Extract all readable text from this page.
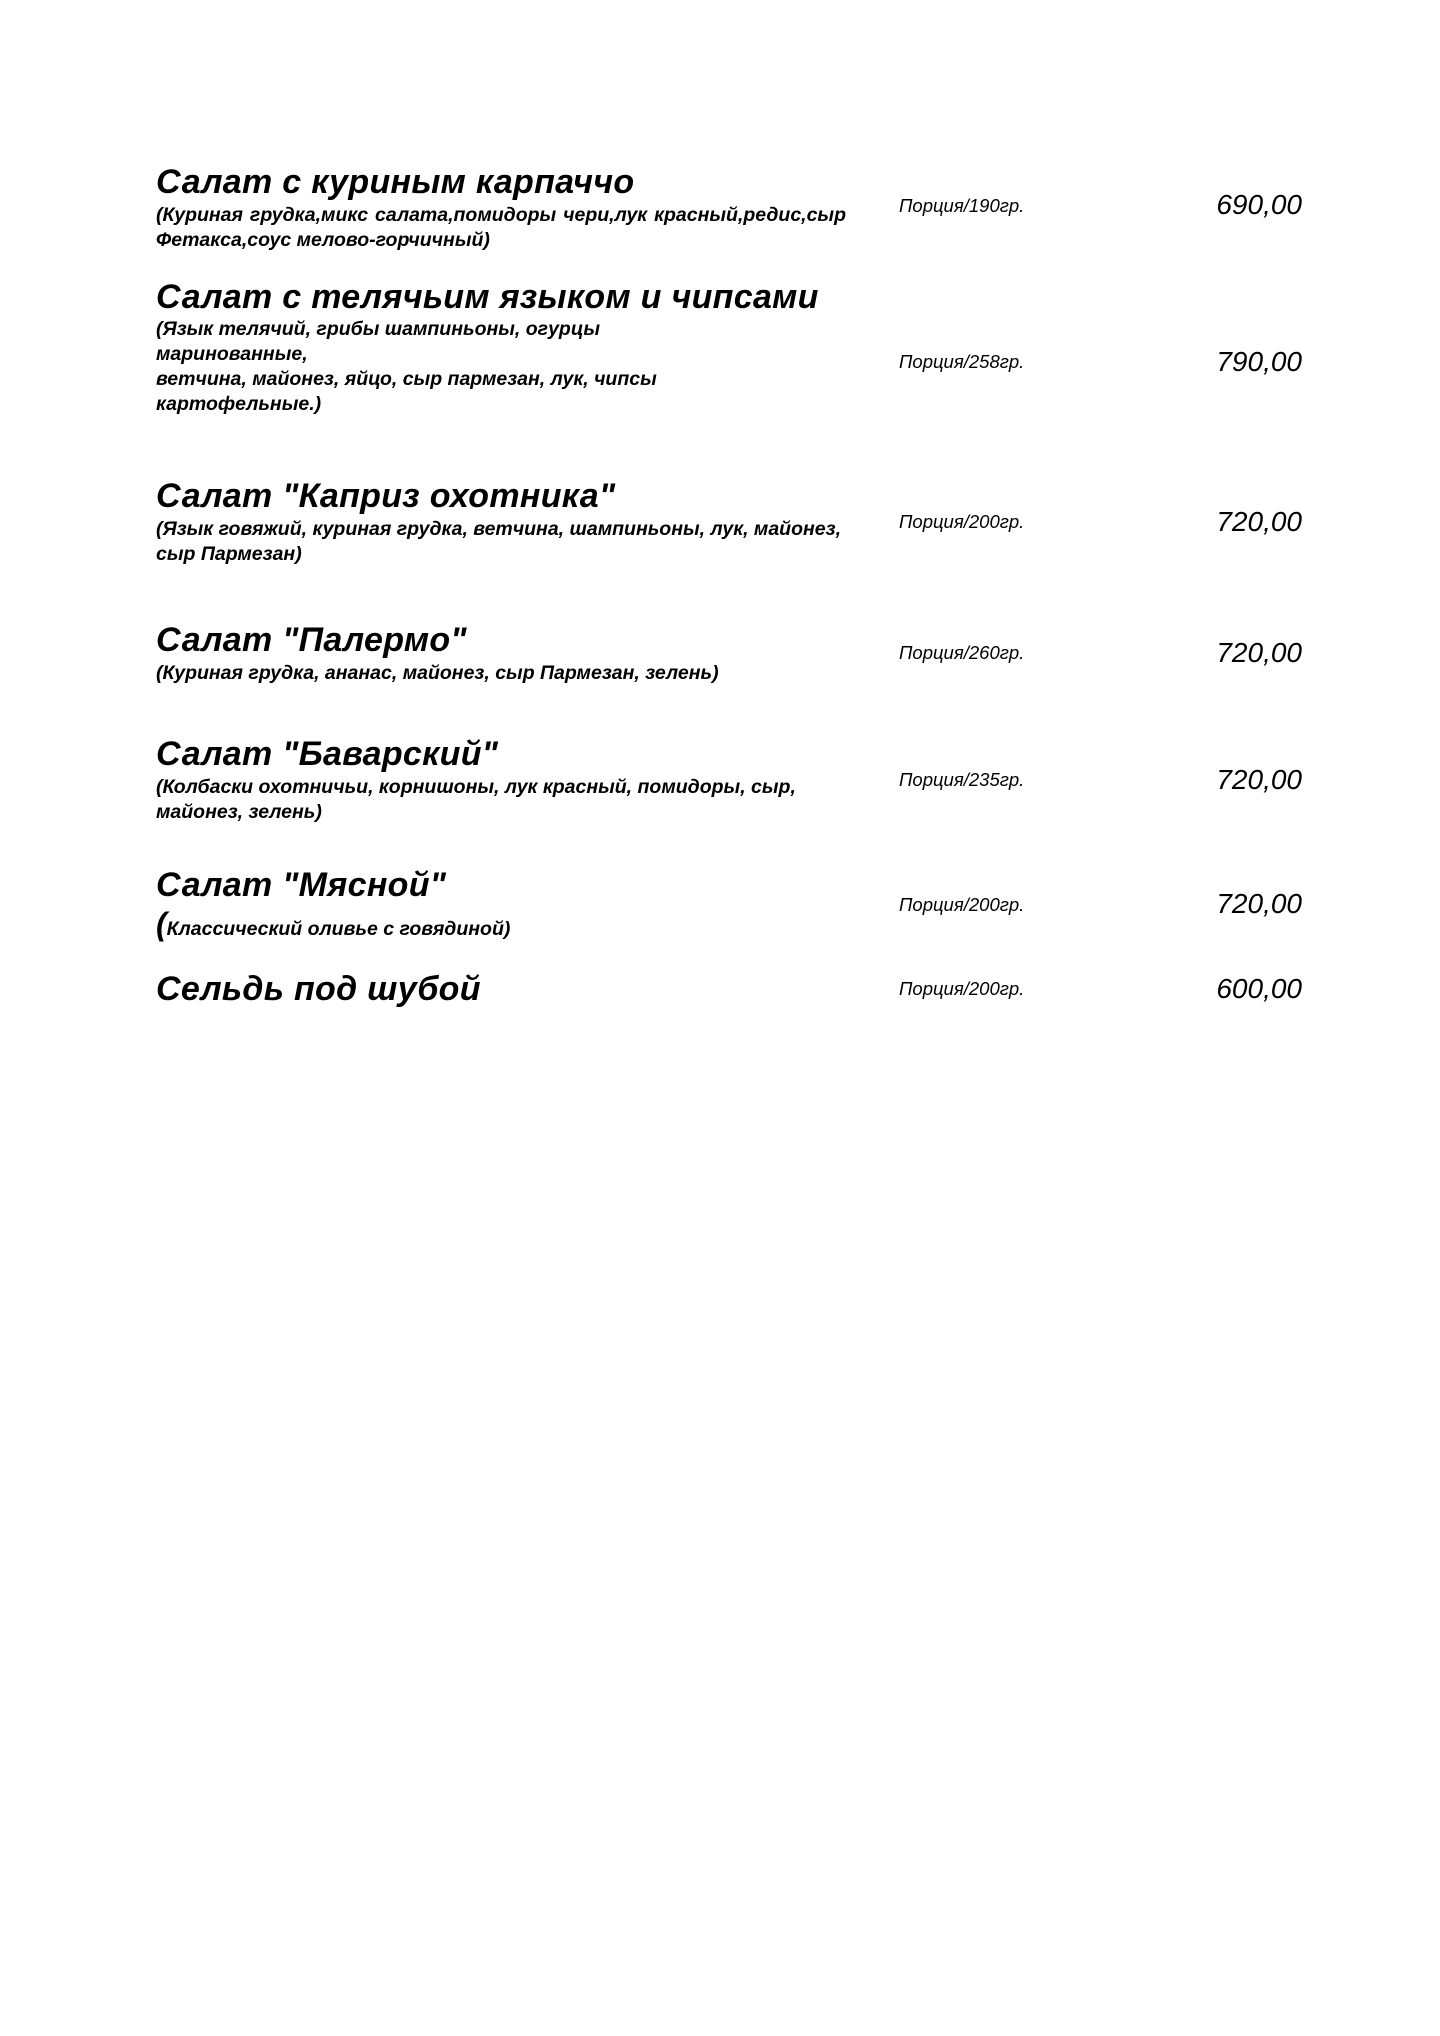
Салат с куриным карпаччо
(Куриная грудка,микс салата,помидоры чери,лук красный,редис,сыр Фетакса,соус мелово-горчичный)
Порция/190гр.	690,00
Салат с телячьим языком и чипсами
(Язык телячий, грибы шампиньоны, огурцы
маринованные,
ветчина, майонез, яйцо, сыр пармезан, лук, чипсы
картофельные.)
Порция/258гр.	790,00
Салат "Каприз охотника"
(Язык говяжий, куриная грудка, ветчина, шампиньоны, лук, майонез, сыр Пармезан)
Порция/200гр.	720,00
Салат "Палермо"
(Куриная грудка, ананас, майонез, сыр Пармезан, зелень)
Порция/260гр.	720,00
Салат "Баварский"
(Колбаски охотничьи, корнишоны, лук красный, помидоры, сыр, майонез, зелень)
Порция/235гр.	720,00
Салат "Мясной"
(Классический оливье с говядиной)
Порция/200гр.	720,00
Сельдь под шубой	Порция/200гр.	600,00
